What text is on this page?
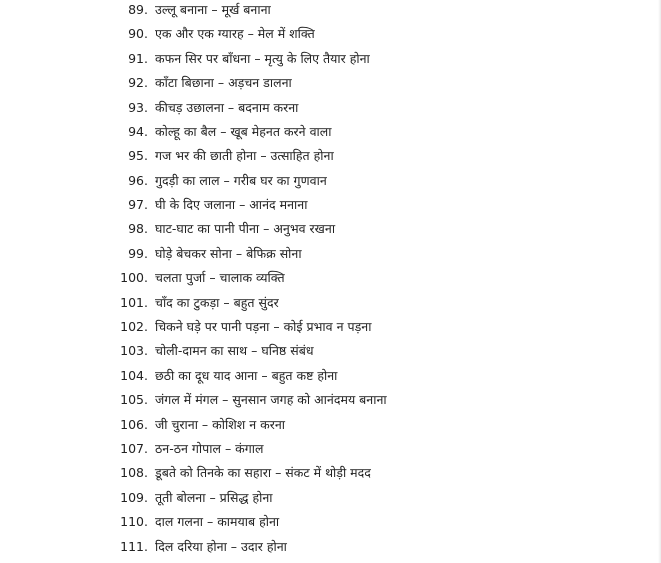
89. उल्लू बनाना – मूर्ख बनाना
90. एक और एक ग्यारह – मेल में शक्ति
91. कफन सिर पर बाँधना – मृत्यु के लिए तैयार होना
92. काँटा बिछाना – अड़चन डालना
93. कीचड़ उछालना – बदनाम करना
94. कोल्हू का बैल – खूब मेहनत करने वाला
95. गज भर की छाती होना – उत्साहित होना
96. गुदड़ी का लाल – गरीब घर का गुणवान
97. घी के दिए जलाना – आनंद मनाना
98. घाट-घाट का पानी पीना – अनुभव रखना
99. घोड़े बेचकर सोना – बेफिक्र सोना
100. चलता पुर्जा – चालाक व्यक्ति
101. चाँद का टुकड़ा – बहुत सुंदर
102. चिकने घड़े पर पानी पड़ना – कोई प्रभाव न पड़ना
103. चोली-दामन का साथ – घनिष्ठ संबंध
104. छठी का दूध याद आना – बहुत कष्ट होना
105. जंगल में मंगल – सुनसान जगह को आनंदमय बनाना
106. जी चुराना – कोशिश न करना
107. ठन-ठन गोपाल – कंगाल
108. डूबते को तिनके का सहारा – संकट में थोड़ी मदद
109. तूती बोलना – प्रसिद्ध होना
110. दाल गलना – कामयाब होना
111. दिल दरिया होना – उदार होना
